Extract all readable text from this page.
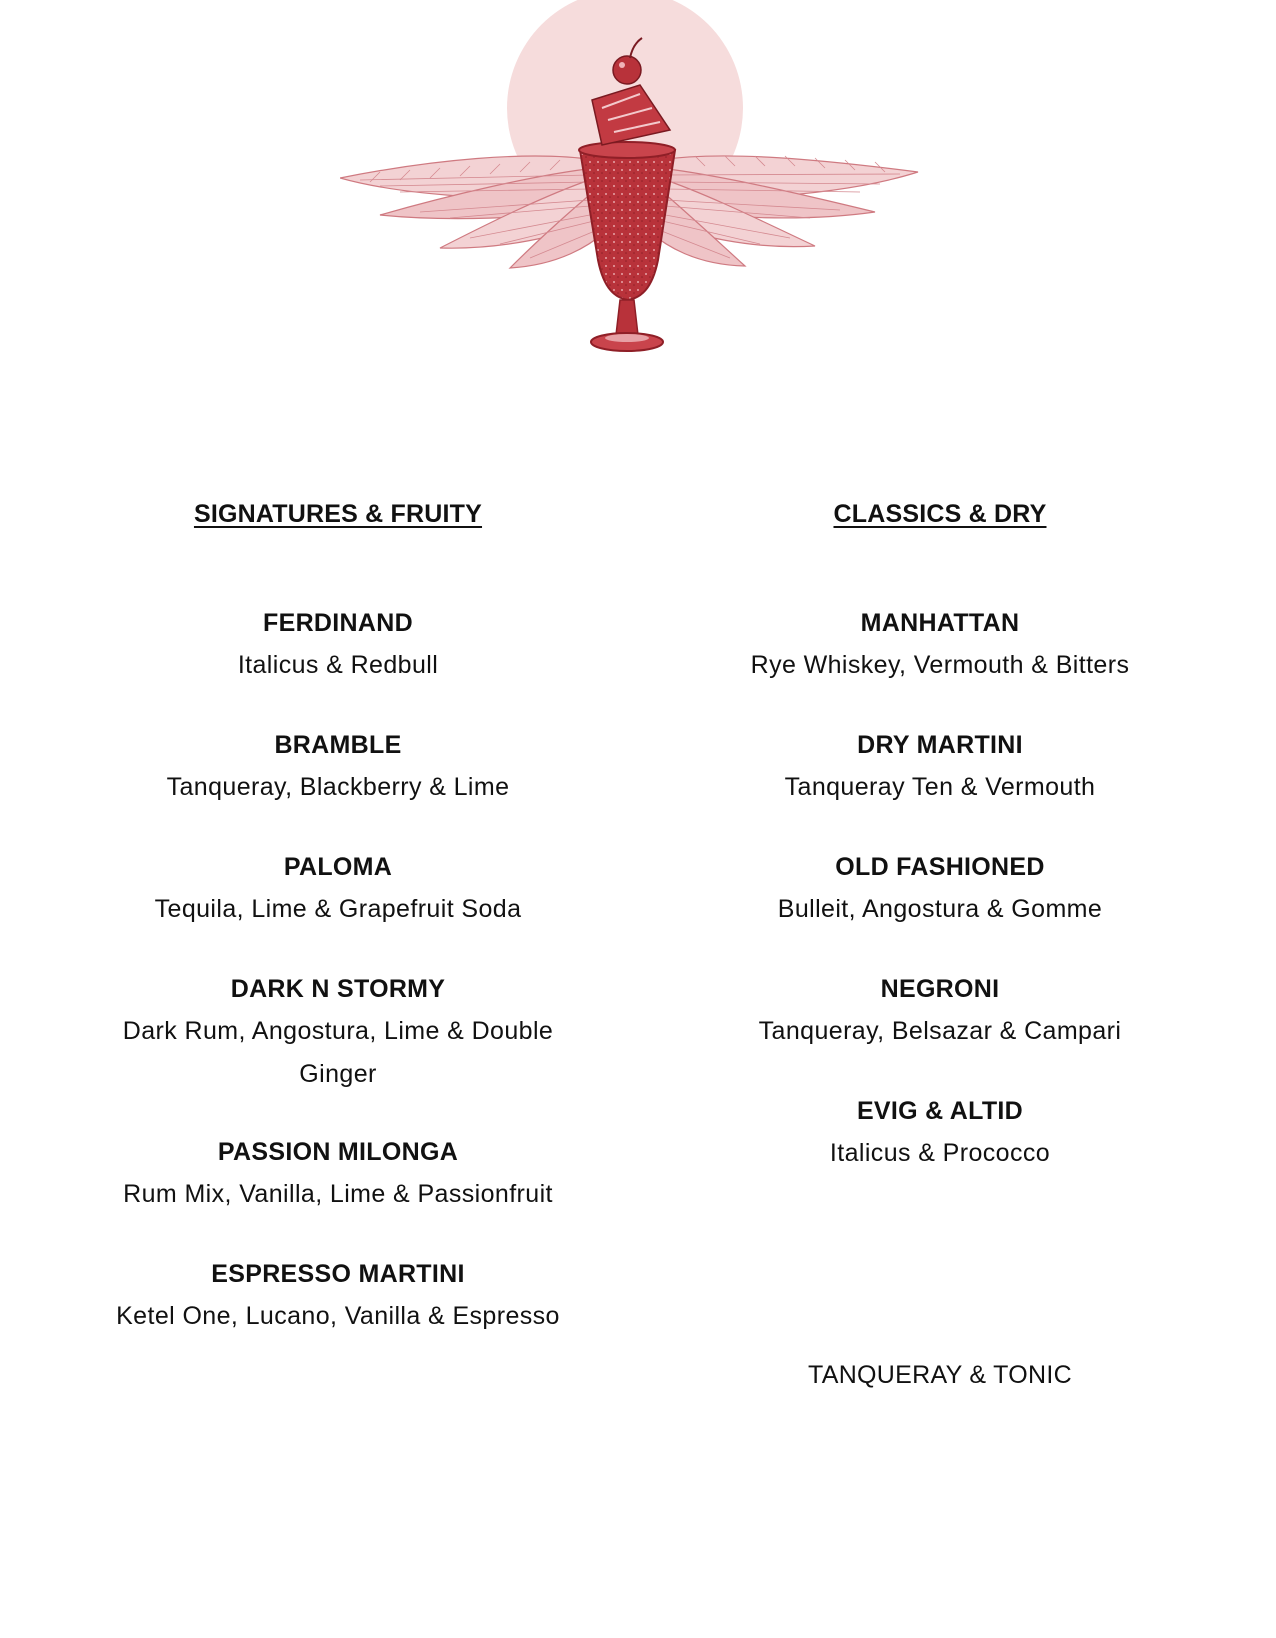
SIGNATURES & FRUITY
FERDINAND
Italicus & Redbull
BRAMBLE
Tanqueray, Blackberry & Lime
PALOMA
Tequila, Lime & Grapefruit Soda
DARK N STORMY
Dark Rum, Angostura, Lime & Double Ginger
PASSION MILONGA
Rum Mix, Vanilla, Lime & Passionfruit
ESPRESSO MARTINI
Ketel One, Lucano, Vanilla & Espresso
CLASSICS & DRY
MANHATTAN
Rye Whiskey, Vermouth & Bitters
DRY MARTINI
Tanqueray Ten & Vermouth
OLD FASHIONED
Bulleit, Angostura & Gomme
NEGRONI
Tanqueray, Belsazar & Campari
EVIG & ALTID
Italicus & Prococco
TANQUERAY & TONIC
